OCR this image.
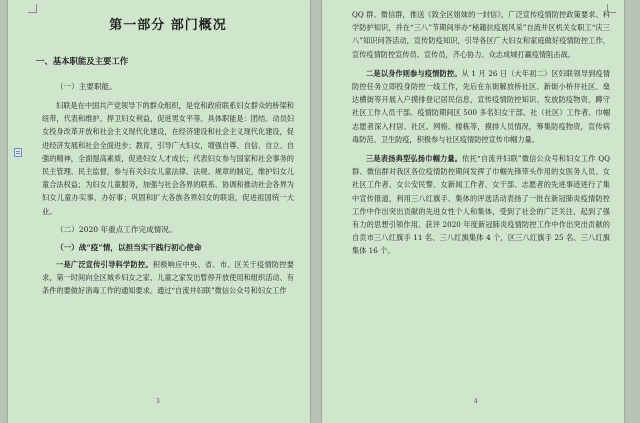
第一部分 部门概况
一、基本职能及主要工作
（一）主要职能。

妇联是在中国共产党领导下的群众组织，是党和政府联系妇女群众的桥梁和纽带，代表和维护、捍卫妇女利益，促进男女平等。具体职能是：团结、动员妇女投身改革开放和社会主义现代化建设，在经济建设和社会主义现代化建设，促进经济发展和社会全面进步；教育，引导广大妇女，增强自尊、自信、自立、自强的精神，全面提高素质，促进妇女人才成长；代表妇女参与国家和社会事务的民主管理、民主监督，参与有关妇女儿童法律、法规、规章的制定，维护妇女儿童合法权益；为妇女儿童服务，加强与社会各界的联系、协调和推动社会各界为妇女儿童办实事、办好事；巩固和扩大各族各界妇女的联谊，促进祖国统一大业。

（二）2020 年重点工作完成情况。
（一）战“疫”情，以担当实干践行初心使命

一是广泛宣传引导科学防控。积极响应中央、省、市、区关于疫情防控要求，第一时间向全区城乡妇女之家、儿童之家发出暂停开放使用和组织活动、有条件的要做好消毒工作的通知要求。通过“自流井妇联”微信公众号和妇女工作

3

QQ 群、微信群，推送《致全区姐妹的一封信》，广泛宣传疫情防控政策要求、科学防护知识，并在“三八”节期间举办“秘籍抗疫展风采”自流井区机关女职工“庆三八”知识问答活动，宣传防疫知识，引导各区广大妇女和家庭做好疫情防控工作，宣传疫情防控宣传员、宣传员，齐心协力、众志成城打赢疫情阻击战。

二是以身作则参与疫情防控。从 1 月 26 日（大年初二）区妇联领导到疫情防控任务立即投身防控一线工作，先后在东街解放桥社区、新街小桥井社区、燊达横街等开展入户摸排登记居民信息，宣传疫情防控知识、发放防疫物资，蹲守社区工作人员干部。疫情防期间区 500 多名妇女干部、社（社区）工作者、巾帼志愿者深入村居、社区、网格、楼栋等，摸排人员情况，筹集防疫物资，宣传病毒防范、卫生防疫，积极参与社区疫情防控宣传巾帼力量。

三是表扬典型弘扬巾帼力量。依托“自流井妇联”微信公众号和妇女工作 QQ 群、微信群对我区各位疫情防控期间发挥了巾帼先锋带头作用的女医务人员、女社区工作者、女公安民警、女新闻工作者、女干部、志愿者的先进事迹进行了集中宣传报道，利用三八红旗手、集体的评选活动表扬了一批在新冠肺炎疫情防控工作中作出突出贡献的先进女性个人和集体，受到了社会的广泛关注，起到了强有力的思想引领作用。获评 2020 年度新冠肺炎疫情防控工作中作出突出贡献的自贡市三八红旗手 11 名、三八红旗集体 4 个，区三八红旗手 25 名、三八红旗集体 16 个。

4
